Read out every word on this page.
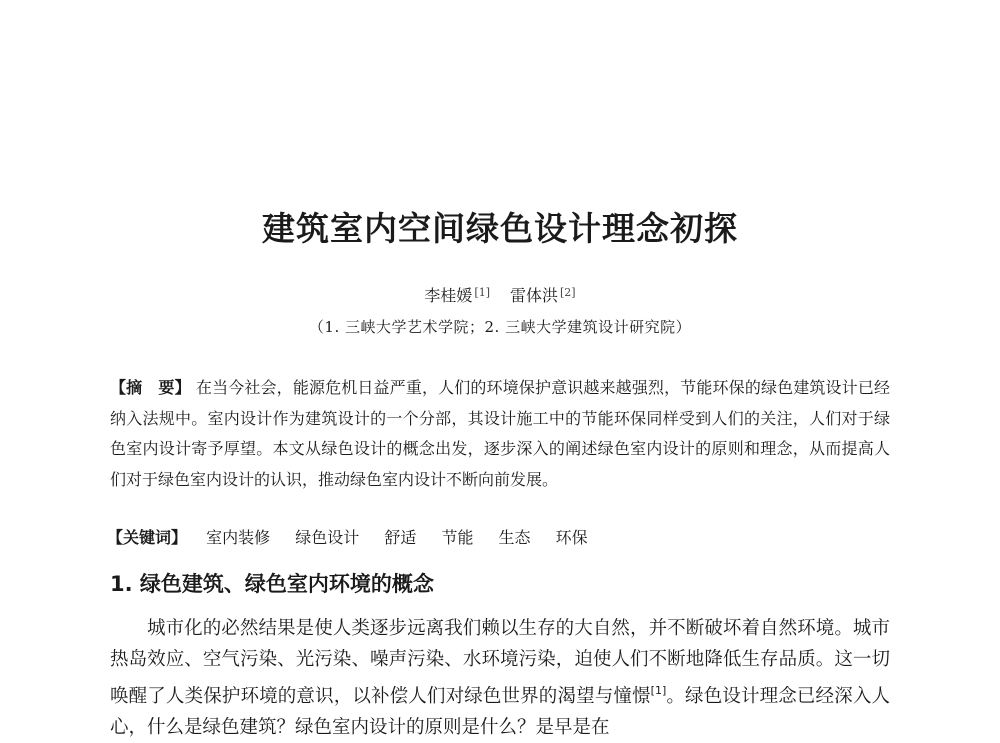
建筑室内空间绿色设计理念初探
李桂媛 [1] 雷体洪 [2]
（1. 三峡大学艺术学院；2. 三峡大学建筑设计研究院）
【摘　要】 在当今社会，能源危机日益严重，人们的环境保护意识越来越强烈，节能环保的绿色建筑设计已经纳入法规中。室内设计作为建筑设计的一个分部，其设计施工中的节能环保同样受到人们的关注，人们对于绿色室内设计寄予厚望。本文从绿色设计的概念出发，逐步深入的阐述绿色室内设计的原则和理念，从而提高人们对于绿色室内设计的认识，推动绿色室内设计不断向前发展。
【关键词】 室内装修 绿色设计 舒适 节能 生态 环保
1. 绿色建筑、绿色室内环境的概念
城市化的必然结果是使人类逐步远离我们赖以生存的大自然，并不断破坏着自然环境。城市热岛效应、空气污染、光污染、噪声污染、水环境污染，迫使人们不断地降低生存品质。这一切唤醒了人类保护环境的意识，以补偿人们对绿色世界的渴望与憧憬[1]。绿色设计理念已经深入人心，什么是绿色建筑？绿色室内设计的原则是什么？是早是在
